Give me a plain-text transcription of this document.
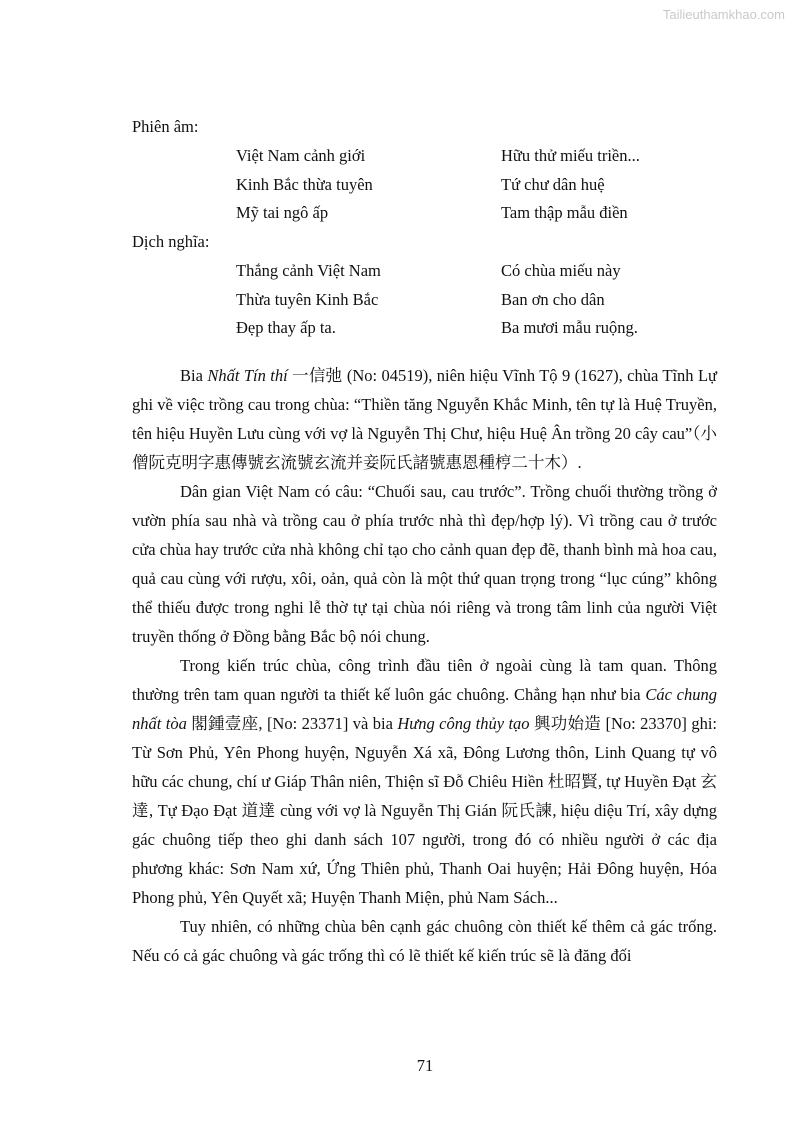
Tailieuthamkhao.com
Phiên âm:
Việt Nam cảnh giới	Hữu thử miếu triền...
Kinh Bắc thừa tuyên	Tứ chư dân huệ
Mỹ tai ngô ấp	Tam thập mẫu điền
Dịch nghĩa:
Thắng cảnh Việt Nam	Có chùa miếu này
Thừa tuyên Kinh Bắc	Ban ơn cho dân
Đẹp thay ấp ta.	Ba mươi mẫu ruộng.

Bia Nhất Tín thí 一信弛 (No: 04519), niên hiệu Vĩnh Tộ 9 (1627), chùa Tĩnh Lự ghi về việc trồng cau trong chùa: “Thiền tăng Nguyễn Khắc Minh, tên tự là Huệ Truyền, tên hiệu Huyền Lưu cùng với vợ là Nguyễn Thị Chư, hiệu Huệ Ân trồng 20 cây cau”（小僧阮克明字惠傳號玄流號玄流并妾阮氏諸號惠恩種梈二十木）.

Dân gian Việt Nam có câu: “Chuối sau, cau trước”. Trồng chuối thường trồng ở vườn phía sau nhà và trồng cau ở phía trước nhà thì đẹp/hợp lý). Vì trồng cau ở trước cửa chùa hay trước cửa nhà không chỉ tạo cho cảnh quan đẹp đẽ, thanh bình mà hoa cau, quả cau cùng với rượu, xôi, oản, quả còn là một thứ quan trọng trong “lục cúng” không thể thiếu được trong nghi lễ thờ tự tại chùa nói riêng và trong tâm linh của người Việt truyền thống ở Đồng bằng Bắc bộ nói chung.

Trong kiến trúc chùa, công trình đầu tiên ở ngoài cùng là tam quan. Thông thường trên tam quan người ta thiết kế luôn gác chuông. Chẳng hạn như bia Các chung nhất tòa 閣鍾壹座, [No: 23371] và bia Hưng công thủy tạo 興功始造 [No: 23370] ghi: Từ Sơn Phủ, Yên Phong huyện, Nguyễn Xá xã, Đông Lương thôn, Linh Quang tự vô hữu các chung, chí ư Giáp Thân niên, Thiện sĩ Đỗ Chiêu Hiền 杜昭賢, tự Huyền Đạt 玄達, Tự Đạo Đạt 道達 cùng với vợ là Nguyễn Thị Gián 阮氏諫, hiệu diệu Trí, xây dựng gác chuông tiếp theo ghi danh sách 107 người, trong đó có nhiều người ở các địa phương khác: Sơn Nam xứ, Ứng Thiên phủ, Thanh Oai huyện; Hải Đông huyện, Hóa Phong phủ, Yên Quyết xã; Huyện Thanh Miện, phủ Nam Sách...

Tuy nhiên, có những chùa bên cạnh gác chuông còn thiết kế thêm cả gác trống. Nếu có cả gác chuông và gác trống thì có lẽ thiết kế kiến trúc sẽ là đăng đối

71
